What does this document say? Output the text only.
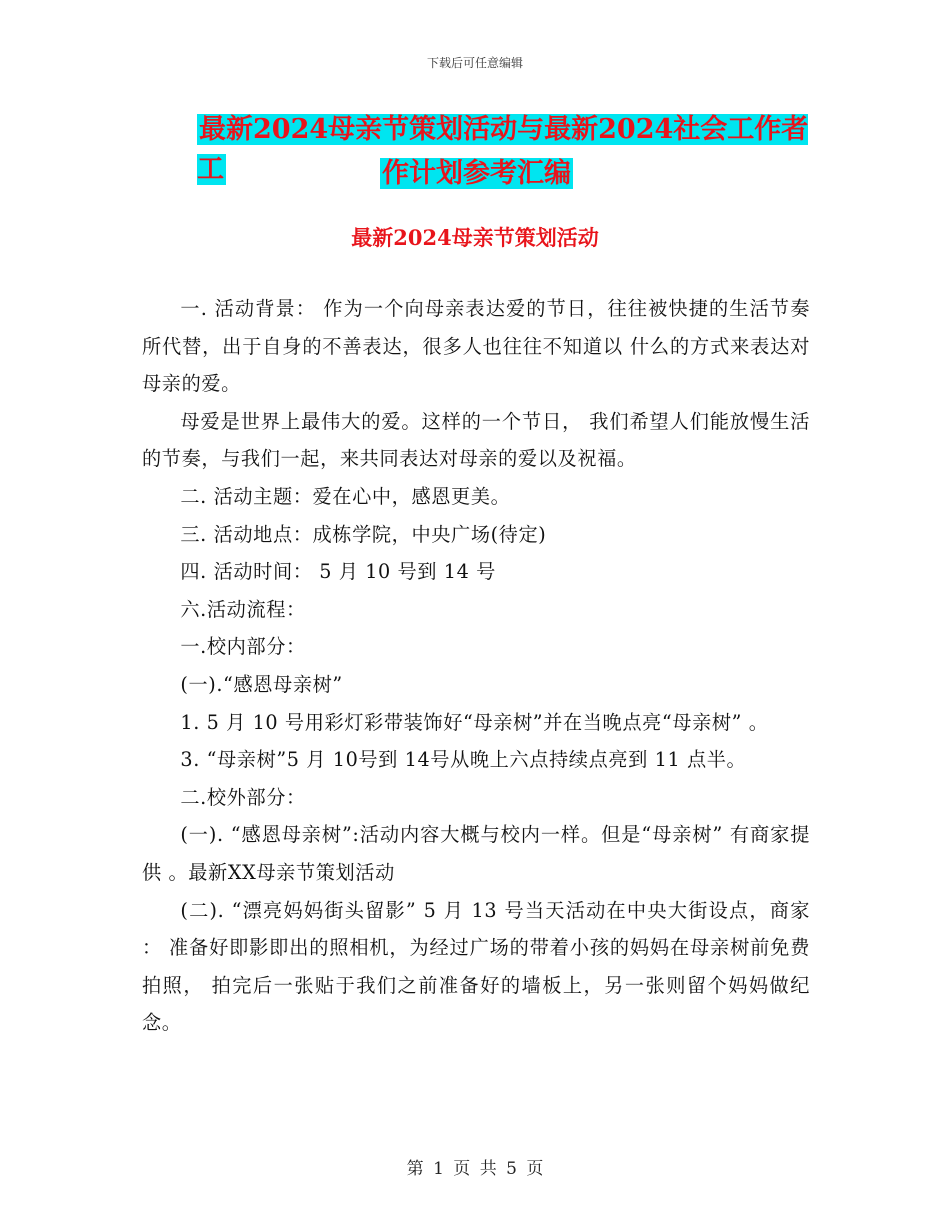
下载后可任意编辑
最新2024母亲节策划活动与最新2024社会工作者工	作计划参考汇编
最新2024母亲节策划活动

一. 活动背景： 作为一个向母亲表达爱的节日，往往被快捷的生活节奏所代替，出于自身的不善表达，很多人也往往不知道以 什么的方式来表达对母亲的爱。

母爱是世界上最伟大的爱。这样的一个节日， 我们希望人们能放慢生活的节奏，与我们一起，来共同表达对母亲的爱以及祝福。

二. 活动主题：爱在心中，感恩更美。

三. 活动地点：成栋学院，中央广场(待定)

四. 活动时间： 5 月 10 号到 14 号

六.活动流程：

一.校内部分：

(一).“感恩母亲树”

1. 5 月 10 号用彩灯彩带装饰好“母亲树”并在当晚点亮“母亲树” 。

3. “母亲树”5 月 10号到 14号从晚上六点持续点亮到 11 点半。

二.校外部分：

(一). “感恩母亲树”:活动内容大概与校内一样。但是“母亲树” 有商家提供 。最新XX母亲节策划活动

(二). “漂亮妈妈街头留影” 5 月 13 号当天活动在中央大街设点，商家 ： 准备好即影即出的照相机，为经过广场的带着小孩的妈妈在母亲树前免费拍照， 拍完后一张贴于我们之前准备好的墙板上，另一张则留个妈妈做纪念。

第 1 页 共 5 页
